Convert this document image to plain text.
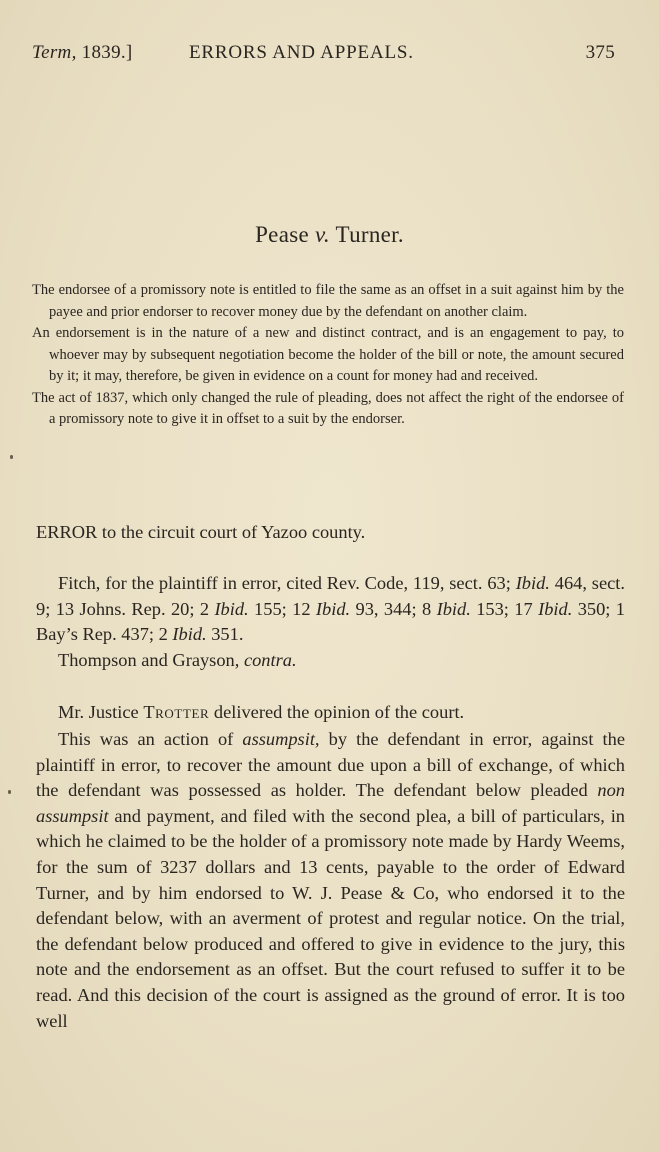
Term, 1839.]	ERRORS AND APPEALS.	375
Pease v. Turner.

The endorsee of a promissory note is entitled to file the same as an offset in a suit against him by the payee and prior endorser to recover money due by the defendant on another claim.

An endorsement is in the nature of a new and distinct contract, and is an engagement to pay, to whoever may by subsequent negotiation become the holder of the bill or note, the amount secured by it; it may, therefore, be given in evidence on a count for money had and received.

The act of 1837, which only changed the rule of pleading, does not affect the right of the endorsee of a promissory note to give it in offset to a suit by the endorser.

ERROR to the circuit court of Yazoo county.

Fitch, for the plaintiff in error, cited Rev. Code, 119, sect. 63; Ibid. 464, sect. 9; 13 Johns. Rep. 20; 2 Ibid. 155; 12 Ibid. 93, 344; 8 Ibid. 153; 17 Ibid. 350; 1 Bay’s Rep. 437; 2 Ibid. 351.

Thompson and Grayson, contra.

Mr. Justice Trotter delivered the opinion of the court.

This was an action of assumpsit, by the defendant in error, against the plaintiff in error, to recover the amount due upon a bill of exchange, of which the defendant was possessed as holder. The defendant below pleaded non assumpsit and payment, and filed with the second plea, a bill of particulars, in which he claimed to be the holder of a promissory note made by Hardy Weems, for the sum of 3237 dollars and 13 cents, payable to the order of Edward Turner, and by him endorsed to W. J. Pease & Co, who endorsed it to the defendant below, with an averment of protest and regular notice. On the trial, the defendant below produced and offered to give in evidence to the jury, this note and the endorsement as an offset. But the court refused to suffer it to be read. And this decision of the court is assigned as the ground of error. It is too well
